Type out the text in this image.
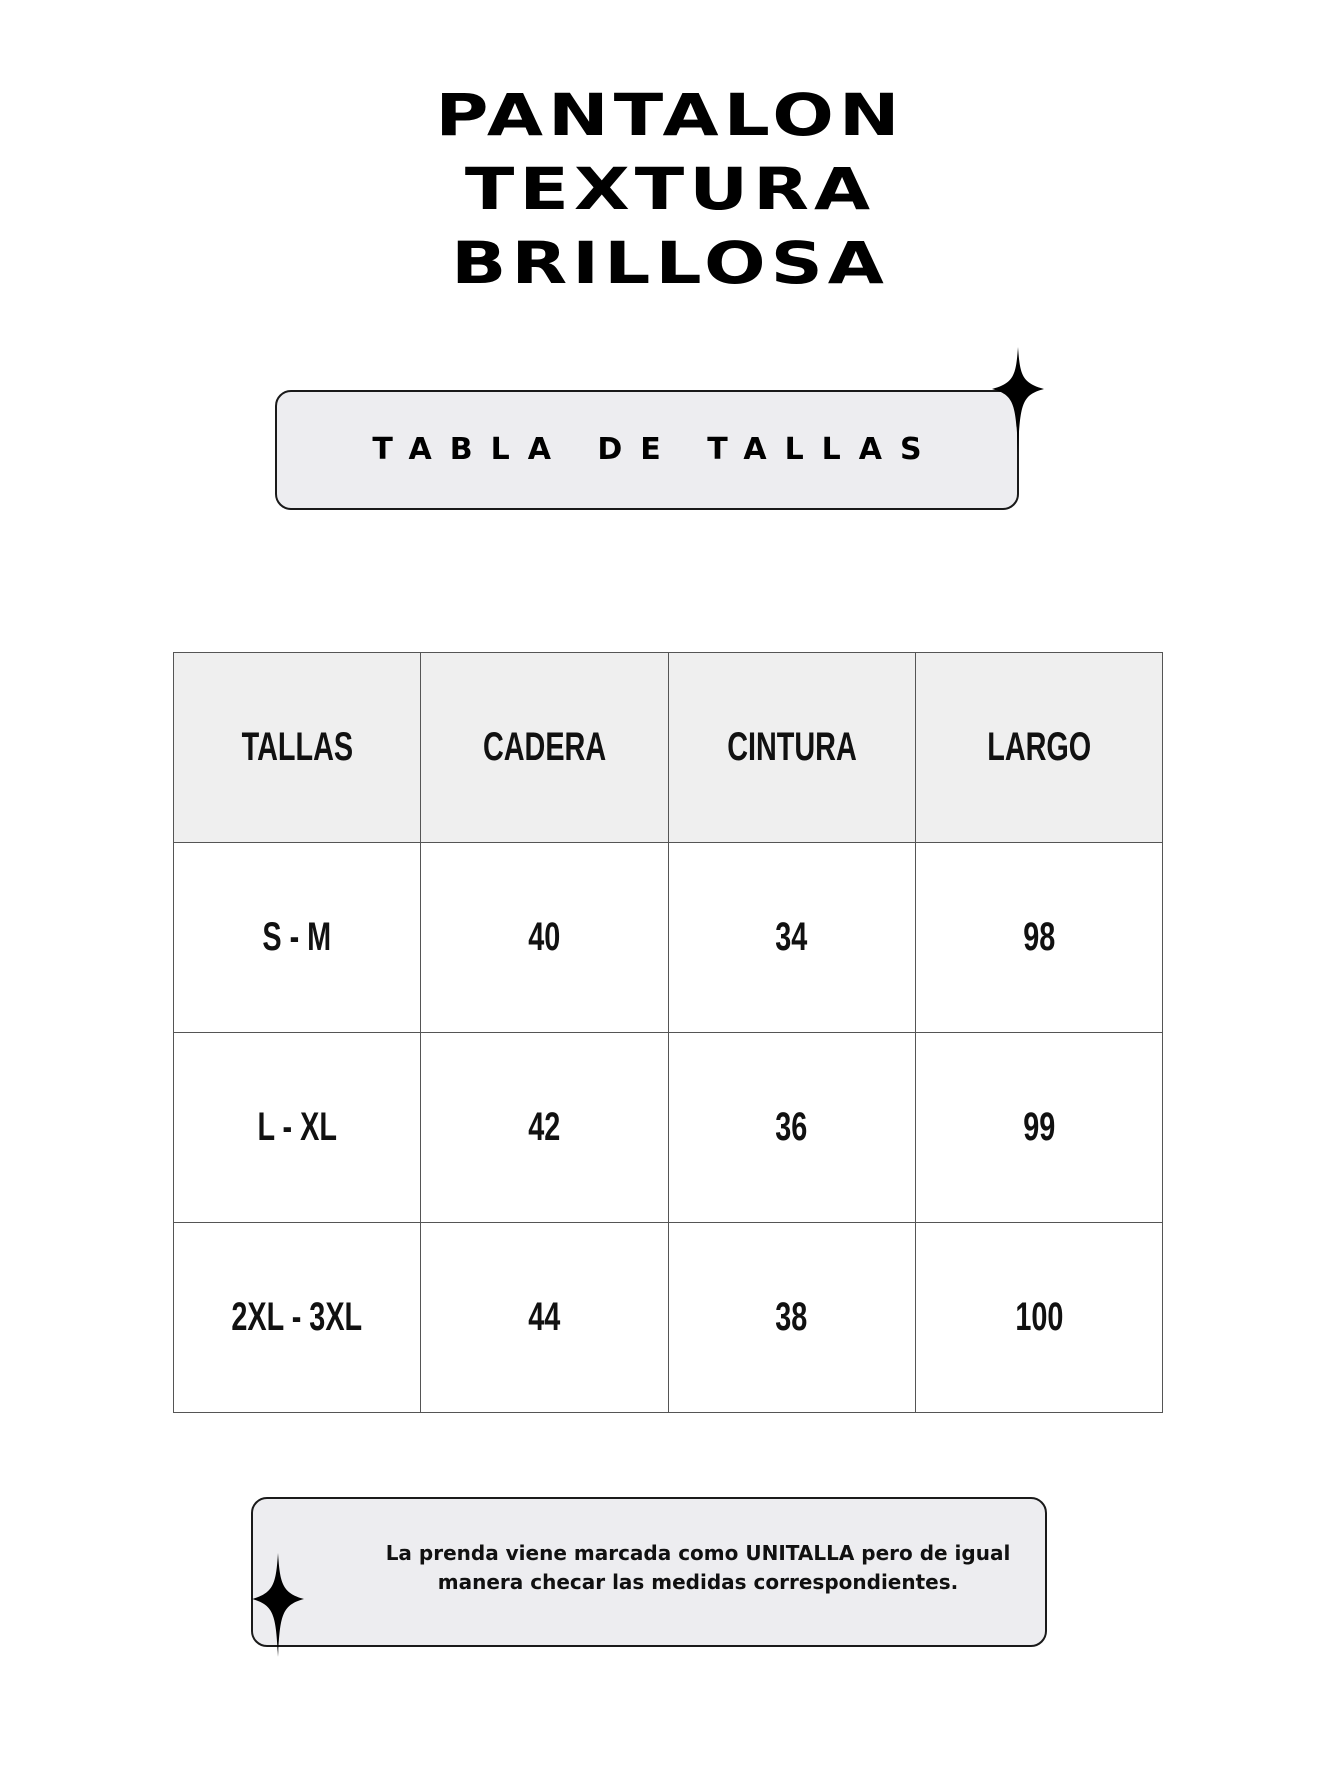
PANTALON
TEXTURA
BRILLOSA
TABLA DE TALLAS
TALLAS	CADERA	CINTURA	LARGO
S - M	40	34	98
L - XL	42	36	99
2XL - 3XL	44	38	100

La prenda viene marcada como UNITALLA pero de igual manera checar las medidas correspondientes.
